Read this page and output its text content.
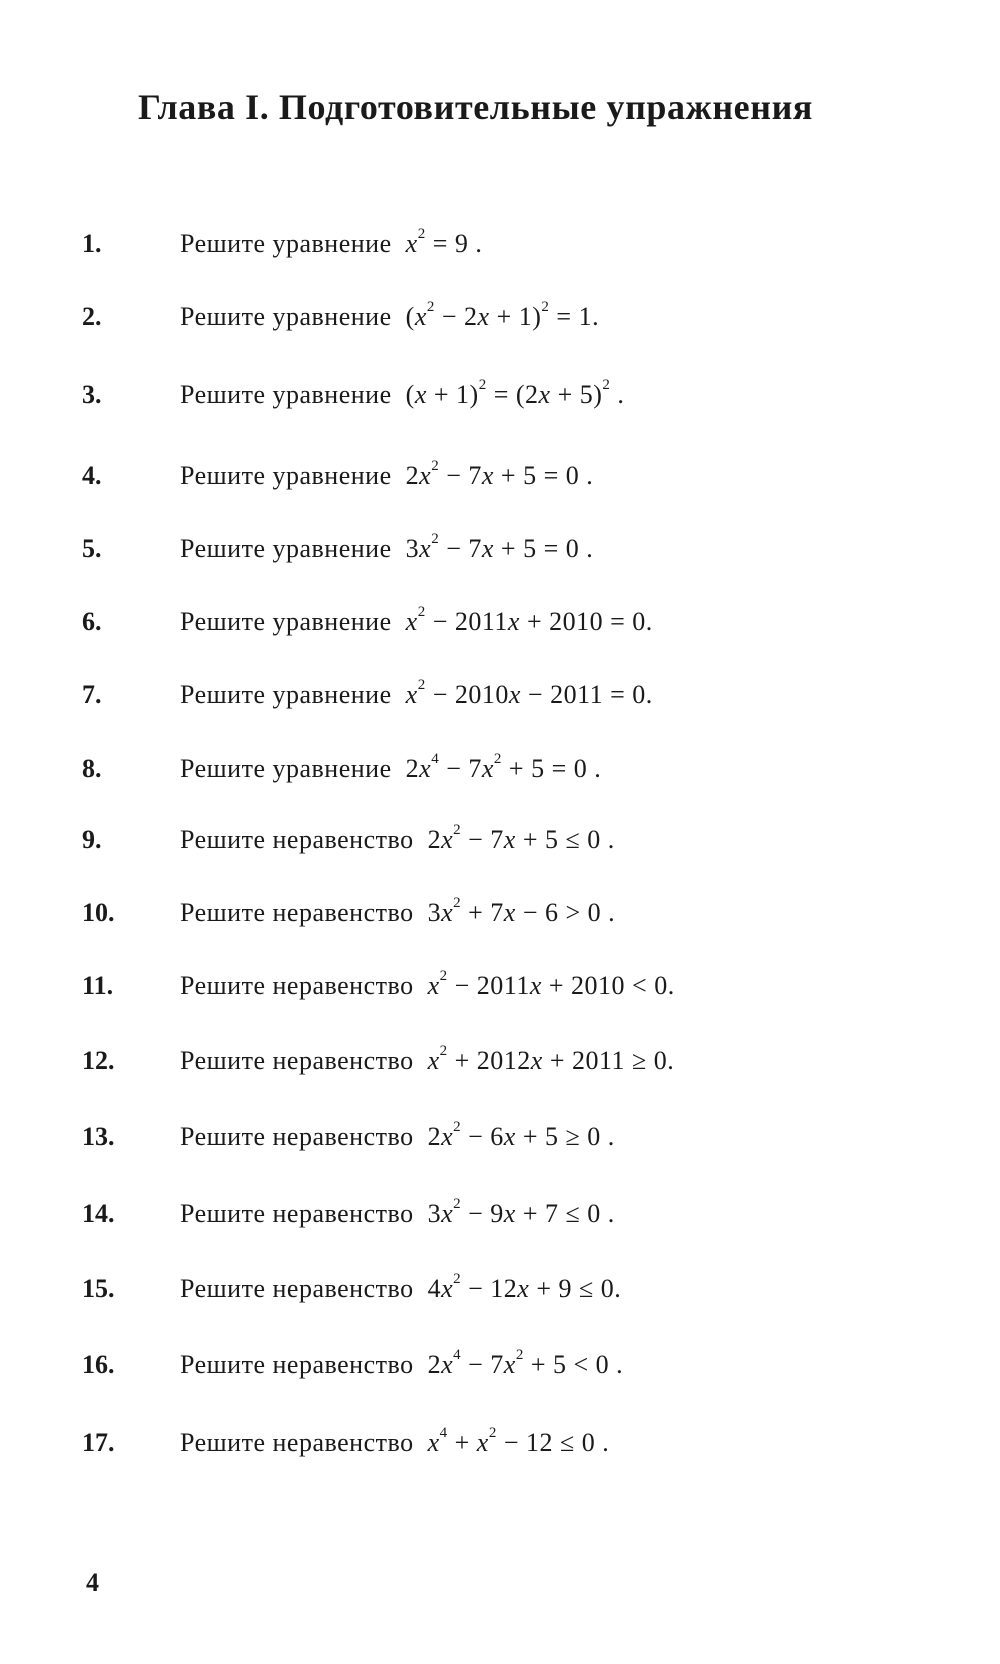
Глава I. Подготовительные упражнения
1.	Решите уравнение $x^2 = 9$ .
2.	Решите уравнение $(x^2 - 2x + 1)^2 = 1$.
3.	Решите уравнение $(x + 1)^2 = (2x + 5)^2$ .
4.	Решите уравнение $2x^2 - 7x + 5 = 0$ .
5.	Решите уравнение $3x^2 - 7x + 5 = 0$ .
6.	Решите уравнение $x^2 - 2011x + 2010 = 0$.
7.	Решите уравнение $x^2 - 2010x - 2011 = 0$.
8.	Решите уравнение $2x^4 - 7x^2 + 5 = 0$ .
9.	Решите неравенство $2x^2 - 7x + 5 \le 0$ .
10.	Решите неравенство $3x^2 + 7x - 6 > 0$ .
11.	Решите неравенство $x^2 - 2011x + 2010 < 0$.
12.	Решите неравенство $x^2 + 2012x + 2011 \ge 0$.
13.	Решите неравенство $2x^2 - 6x + 5 \ge 0$ .
14.	Решите неравенство $3x^2 - 9x + 7 \le 0$ .
15.	Решите неравенство $4x^2 - 12x + 9 \le 0$.
16.	Решите неравенство $2x^4 - 7x^2 + 5 < 0$ .
17.	Решите неравенство $x^4 + x^2 - 12 \le 0$ .
4
